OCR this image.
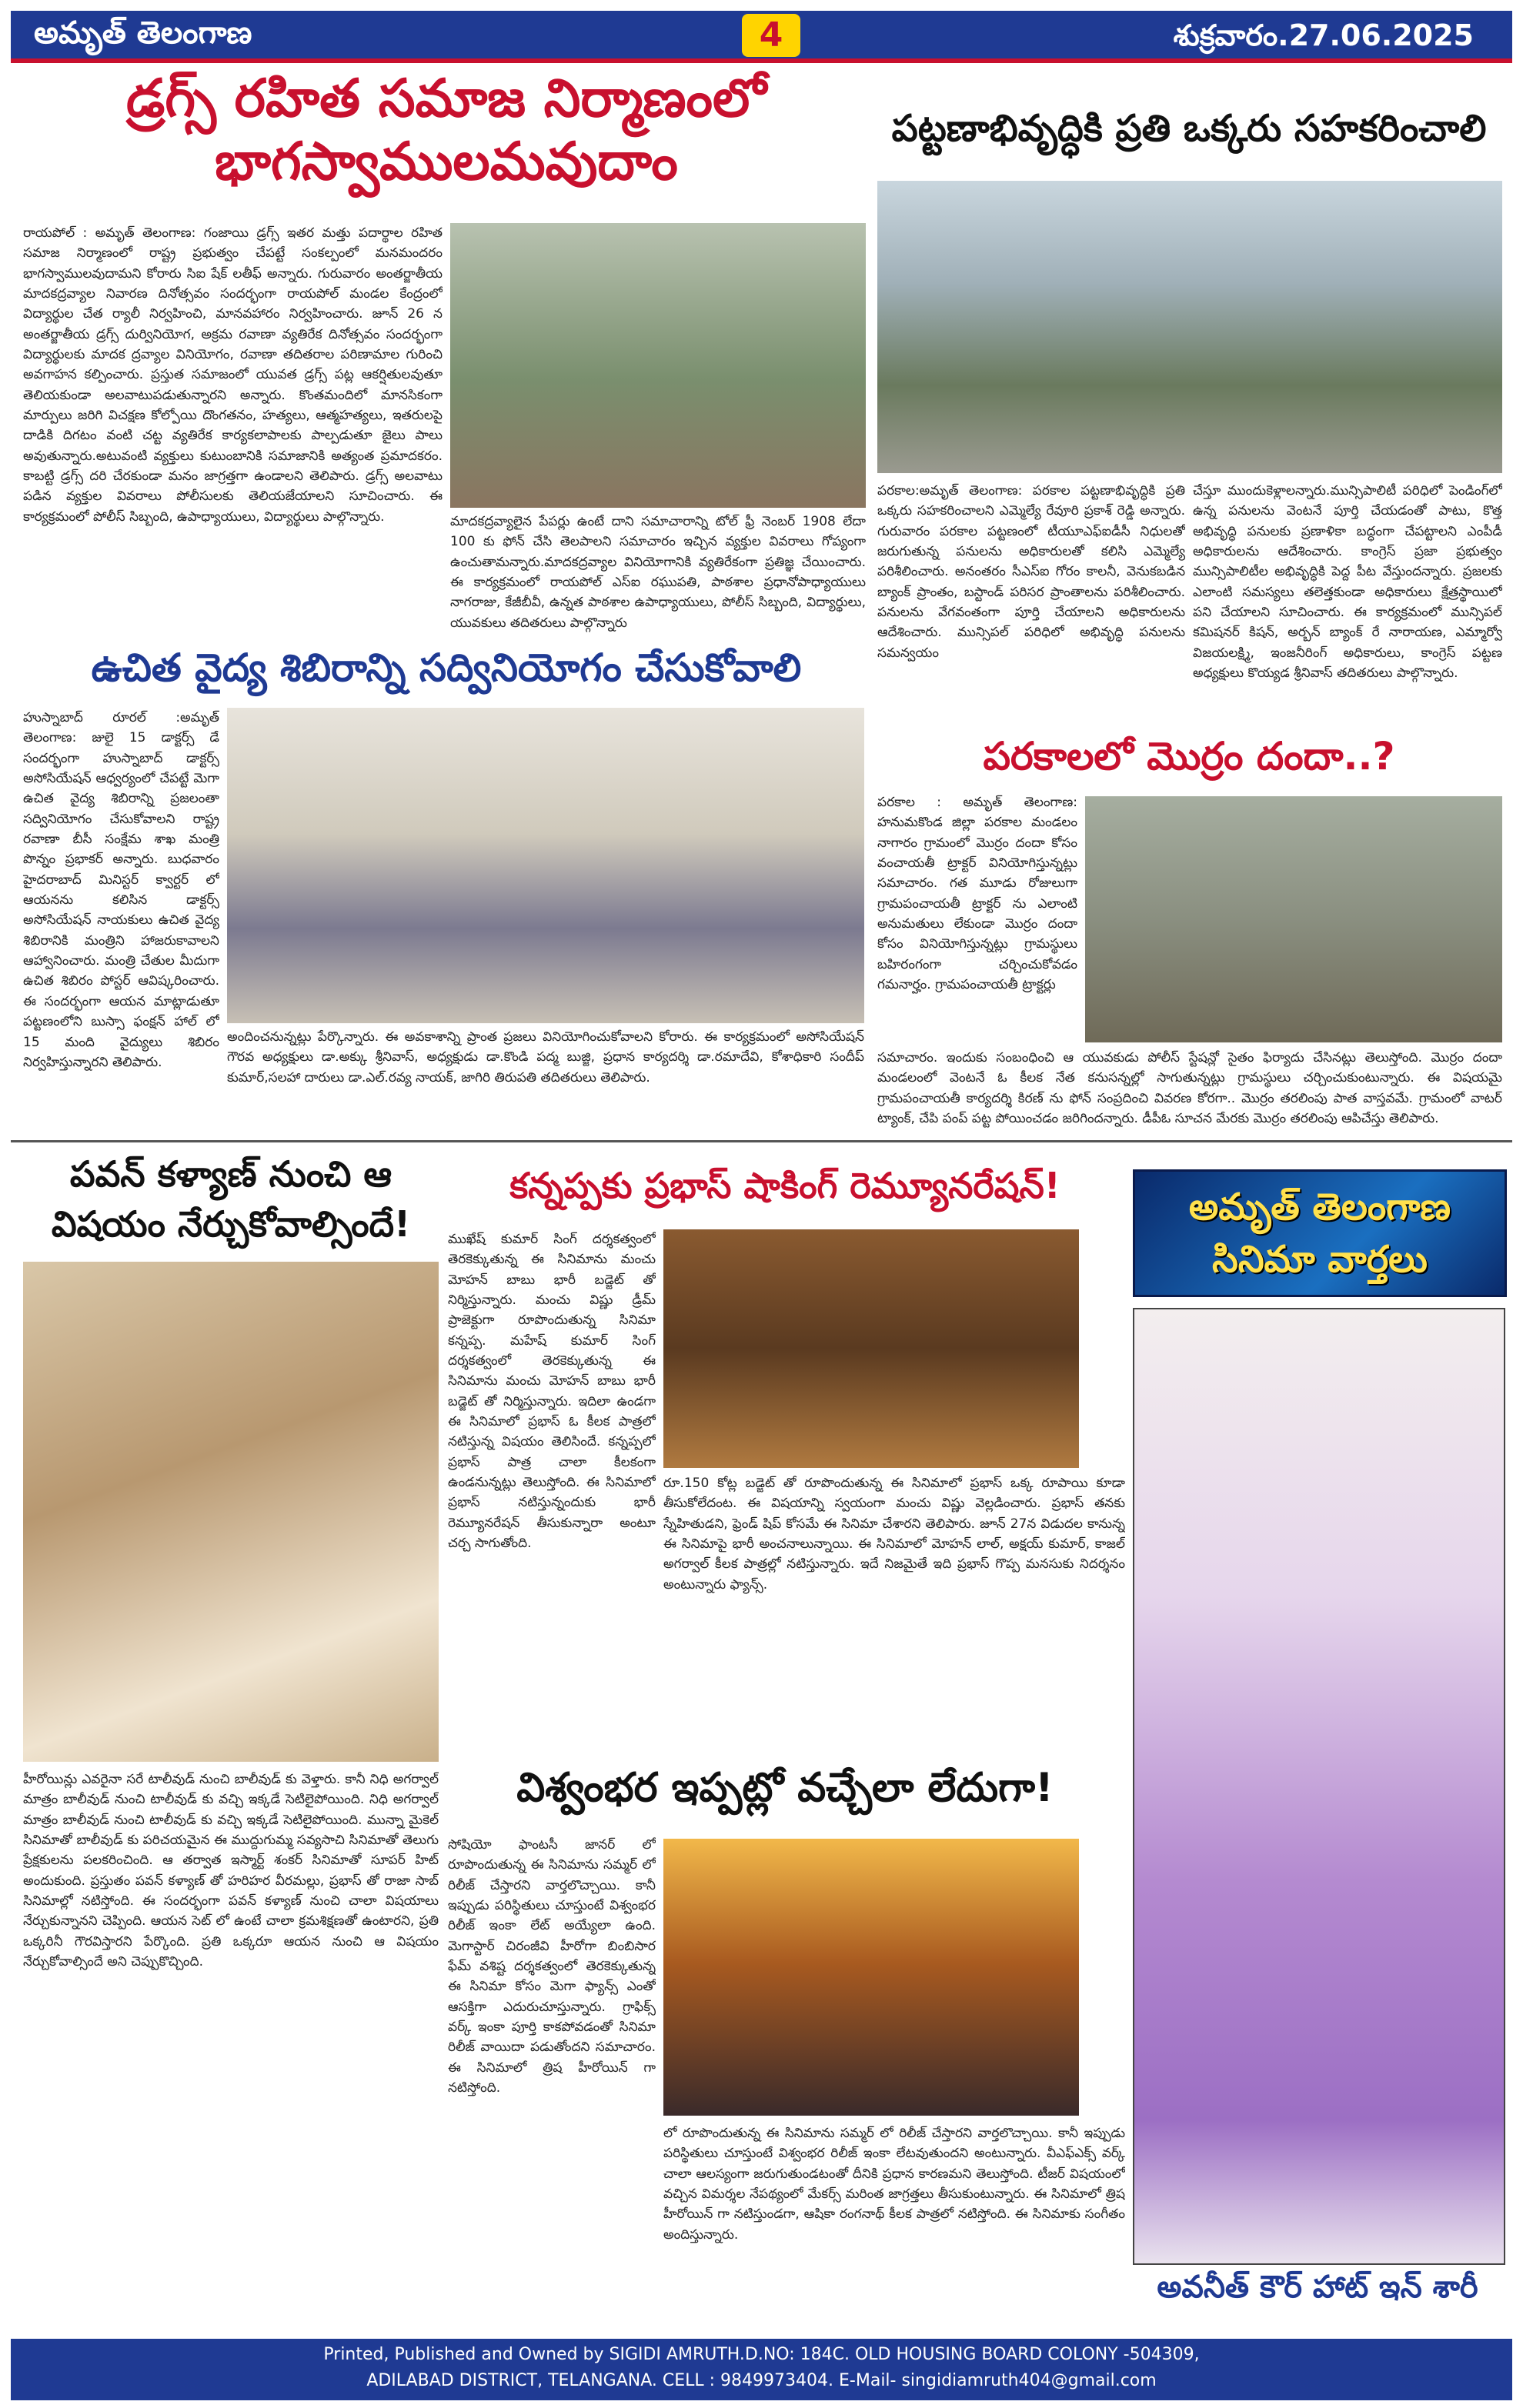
అమృత్ తెలంగాణ	4	శుక్రవారం.27.06.2025
డ్రగ్స్ రహిత సమాజ నిర్మాణంలో
భాగస్వాములమవుదాం
రాయపోల్ : అమృత్ తెలంగాణ: గంజాయి డ్రగ్స్ ఇతర మత్తు పదార్థాల రహిత సమాజ నిర్మాణంలో రాష్ట్ర ప్రభుత్వం చేపట్టే సంకల్పంలో మనమందరం భాగస్వాములవుదామని కోరారు సిఐ షేక్ లతీఫ్ అన్నారు. గురువారం అంతర్జాతీయ మాదకద్రవ్యాల నివారణ దినోత్సవం సందర్భంగా రాయపోల్ మండల కేంద్రంలో విద్యార్థుల చేత ర్యాలీ నిర్వహించి, మానవహారం నిర్వహించారు. జూన్ 26 న అంతర్జాతీయ డ్రగ్స్ దుర్వినియోగ, అక్రమ రవాణా వ్యతిరేక దినోత్సవం సందర్భంగా విద్యార్థులకు మాదక ద్రవ్యాల వినియోగం, రవాణా తదితరాల పరిణామాల గురించి అవగాహన కల్పించారు. ప్రస్తుత సమాజంలో యువత డ్రగ్స్ పట్ల ఆకర్షితులవుతూ తెలియకుండా అలవాటుపడుతున్నారని అన్నారు. కొంతమందిలో మానసికంగా మార్పులు జరిగి విచక్షణ కోల్పోయి దొంగతనం, హత్యలు, ఆత్మహత్యలు, ఇతరులపై దాడికి దిగటం వంటి చట్ట వ్యతిరేక కార్యకలాపాలకు పాల్పడుతూ జైలు పాలు అవుతున్నారు.అటువంటి వ్యక్తులు కుటుంబానికి సమాజానికి అత్యంత ప్రమాదకరం. కాబట్టి డ్రగ్స్ దరి చేరకుండా మనం జాగ్రత్తగా ఉండాలని తెలిపారు. డ్రగ్స్ అలవాటు పడిన వ్యక్తుల వివరాలు పోలీసులకు తెలియజేయాలని సూచించారు. ఈ కార్యక్రమంలో పోలీస్ సిబ్బంది, ఉపాధ్యాయులు, విద్యార్థులు పాల్గొన్నారు.	మాదకద్రవ్యాలైన పేపర్లు ఉంటే దాని సమాచారాన్ని టోల్ ఫ్రీ నెంబర్ 1908 లేదా 100 కు ఫోన్ చేసి తెలపాలని సమాచారం ఇచ్చిన వ్యక్తుల వివరాలు గోప్యంగా ఉంచుతామన్నారు.మాదకద్రవ్యాల వినియోగానికి వ్యతిరేకంగా ప్రతిజ్ఞ చేయించారు. ఈ కార్యక్రమంలో రాయపోల్ ఎస్ఐ రఘుపతి, పాఠశాల ప్రధానోపాధ్యాయులు నాగరాజు, కేజీబీవీ, ఉన్నత పాఠశాల ఉపాధ్యాయులు, పోలీస్ సిబ్బంది, విద్యార్థులు, యువకులు తదితరులు పాల్గొన్నారు
పట్టణాభివృద్ధికి ప్రతి ఒక్కరు సహకరించాలి
పరకాల:అమృత్ తెలంగాణ: పరకాల పట్టణాభివృద్ధికి ప్రతి ఒక్కరు సహకరించాలని ఎమ్మెల్యే రేవూరి ప్రకాశ్ రెడ్డి అన్నారు. గురువారం పరకాల పట్టణంలో టీయూఎఫ్ఐడీసీ నిధులతో జరుగుతున్న పనులను అధికారులతో కలిసి ఎమ్మెల్యే పరిశీలించారు. అనంతరం సీఎస్ఐ గోరం కాలనీ, వెనుకబడిన బ్యాంక్ ప్రాంతం, బస్టాండ్ పరిసర ప్రాంతాలను పరిశీలించారు. పనులను వేగవంతంగా పూర్తి చేయాలని అధికారులను ఆదేశించారు. మున్సిపల్ పరిధిలో అభివృద్ధి పనులను సమన్వయం
చేస్తూ ముందుకెళ్లాలన్నారు.మున్సిపాలిటీ పరిధిలో పెండింగ్‌లో ఉన్న పనులను వెంటనే పూర్తి చేయడంతో పాటు, కొత్త అభివృద్ధి పనులకు ప్రణాళికా బద్ధంగా చేపట్టాలని ఎంపీడీ అధికారులను ఆదేశించారు. కాంగ్రెస్ ప్రజా ప్రభుత్వం మున్సిపాలిటీల అభివృద్ధికి పెద్ద పీట వేస్తుందన్నారు. ప్రజలకు ఎలాంటి సమస్యలు తలెత్తకుండా అధికారులు క్షేత్రస్థాయిలో పని చేయాలని సూచించారు. ఈ కార్యక్రమంలో మున్సిపల్ కమిషనర్ కిషన్, అర్బన్ బ్యాంక్ రే నారాయణ, ఎమ్మార్వో విజయలక్ష్మి, ఇంజనీరింగ్ అధికారులు, కాంగ్రెస్ పట్టణ అధ్యక్షులు కొయ్యడ శ్రీనివాస్ తదితరులు పాల్గొన్నారు.
ఉచిత వైద్య శిబిరాన్ని సద్వినియోగం చేసుకోవాలి
హుస్నాబాద్ రూరల్ :అమృత్ తెలంగాణ: జులై 15 డాక్టర్స్ డే సందర్భంగా హుస్నాబాద్ డాక్టర్స్ అసోసియేషన్ ఆధ్వర్యంలో చేపట్టే మెగా ఉచిత వైద్య శిబిరాన్ని ప్రజలంతా సద్వినియోగం చేసుకోవాలని రాష్ట్ర రవాణా బీసీ సంక్షేమ శాఖ మంత్రి పొన్నం ప్రభాకర్ అన్నారు. బుధవారం హైదరాబాద్ మినిస్టర్ క్వార్టర్ లో ఆయనను కలిసిన డాక్టర్స్ అసోసియేషన్ నాయకులు ఉచిత వైద్య శిబిరానికి మంత్రిని హాజరుకావాలని ఆహ్వానించారు. మంత్రి చేతుల మీదుగా ఉచిత శిబిరం పోస్టర్ ఆవిష్కరించారు. ఈ సందర్భంగా ఆయన మాట్లాడుతూ పట్టణంలోని బుస్సా ఫంక్షన్ హాల్ లో 15 మంది వైద్యులు శిబిరం నిర్వహిస్తున్నారని తెలిపారు.
అందించనున్నట్లు పేర్కొన్నారు. ఈ అవకాశాన్ని ప్రాంత ప్రజలు వినియోగించుకోవాలని కోరారు. ఈ కార్యక్రమంలో అసోసియేషన్ గౌరవ అధ్యక్షులు డా.అక్కు శ్రీనివాస్, అధ్యక్షుడు డా.కొండి పద్మ బుజ్జి, ప్రధాన కార్యదర్శి డా.రమాదేవి, కోశాధికారి సందీప్ కుమార్,సలహా దారులు డా.ఎల్.రవ్య నాయక్, జాగిరి తిరుపతి తదితరులు తెలిపారు.
పరకాలలో మొర్రం దందా..?
పరకాల : అమృత్ తెలంగాణ: హనుమకొండ జిల్లా పరకాల మండలం నాగారం గ్రామంలో మొర్రం దందా కోసం వంచాయతీ ట్రాక్టర్ వినియోగిస్తున్నట్లు సమాచారం. గత మూడు రోజులుగా గ్రామపంచాయతీ ట్రాక్టర్ ను ఎలాంటి అనుమతులు లేకుండా మొర్రం దందా కోసం వినియోగిస్తున్నట్లు గ్రామస్థులు బహిరంగంగా చర్చించుకోవడం గమనార్హం. గ్రామపంచాయతీ ట్రాక్టర్లు
సమాచారం. ఇందుకు సంబంధించి ఆ యువకుడు పోలీస్ స్టేషన్లో సైతం ఫిర్యాదు చేసినట్లు తెలుస్తోంది. మొర్రం దందా మండలంలో వెంటనే ఓ కీలక నేత కనుసన్నల్లో సాగుతున్నట్లు గ్రామస్థులు చర్చించుకుంటున్నారు. ఈ విషయమై గ్రామపంచాయతీ కార్యదర్శి కిరణ్ ను ఫోన్ సంప్రదించి వివరణ కోరగా.. మొర్రం తరలింపు పాత వాస్తవమే. గ్రామంలో వాటర్ ట్యాంక్, చేపి పంప్ పట్ట పోయించడం జరిగిందన్నారు. డీపీఓ సూచన మేరకు మొర్రం తరలింపు ఆపిచేస్తు తెలిపారు.
పవన్ కళ్యాణ్ నుంచి ఆ
విషయం నేర్చుకోవాల్సిందే!
హీరోయిన్లు ఎవరైనా సరే టాలీవుడ్ నుంచి బాలీవుడ్ కు వెళ్తారు. కానీ నిధి అగర్వాల్ మాత్రం బాలీవుడ్ నుంచి టాలీవుడ్ కు వచ్చి ఇక్కడే సెటిలైపోయింది. నిధి అగర్వాల్ మాత్రం బాలీవుడ్ నుంచి టాలీవుడ్ కు వచ్చి ఇక్కడే సెటిలైపోయింది. మున్నా మైకెల్ సినిమాతో బాలీవుడ్ కు పరిచయమైన ఈ ముద్దుగుమ్మ సవ్యసాచి సినిమాతో తెలుగు ప్రేక్షకులను పలకరించింది. ఆ తర్వాత ఇస్మార్ట్ శంకర్ సినిమాతో సూపర్ హిట్ అందుకుంది. ప్రస్తుతం పవన్ కళ్యాణ్ తో హరిహర వీరమల్లు, ప్రభాస్ తో రాజా సాబ్ సినిమాల్లో నటిస్తోంది. ఈ సందర్భంగా పవన్ కళ్యాణ్ నుంచి చాలా విషయాలు నేర్చుకున్నానని చెప్పింది. ఆయన సెట్ లో ఉంటే చాలా క్రమశిక్షణతో ఉంటారని, ప్రతి ఒక్కరినీ గౌరవిస్తారని పేర్కొంది. ప్రతి ఒక్కరూ ఆయన నుంచి ఆ విషయం నేర్చుకోవాల్సిందే అని చెప్పుకొచ్చింది.
కన్నప్పకు ప్రభాస్ షాకింగ్ రెమ్యూనరేషన్!
ముఖేష్ కుమార్ సింగ్ దర్శకత్వంలో తెరకెక్కుతున్న ఈ సినిమాను మంచు మోహన్ బాబు భారీ బడ్జెట్ తో నిర్మిస్తున్నారు. మంచు విష్ణు డ్రీమ్ ప్రాజెక్టుగా రూపొందుతున్న సినిమా కన్నప్ప. మహేష్ కుమార్ సింగ్ దర్శకత్వంలో తెరకెక్కుతున్న ఈ సినిమాను మంచు మోహన్ బాబు భారీ బడ్జెట్ తో నిర్మిస్తున్నారు. ఇదిలా ఉండగా ఈ సినిమాలో ప్రభాస్ ఓ కీలక పాత్రలో నటిస్తున్న విషయం తెలిసిందే. కన్నప్పలో ప్రభాస్ పాత్ర చాలా కీలకంగా ఉండనున్నట్లు తెలుస్తోంది. ఈ సినిమాలో ప్రభాస్ నటిస్తున్నందుకు భారీ రెమ్యూనరేషన్ తీసుకున్నారా అంటూ చర్చ సాగుతోంది.
రూ.150 కోట్ల బడ్జెట్ తో రూపొందుతున్న ఈ సినిమాలో ప్రభాస్ ఒక్క రూపాయి కూడా తీసుకోలేదంట. ఈ విషయాన్ని స్వయంగా మంచు విష్ణు వెల్లడించారు. ప్రభాస్ తనకు స్నేహితుడని, ఫ్రెండ్ షిప్ కోసమే ఈ సినిమా చేశారని తెలిపారు. జూన్ 27న విడుదల కానున్న ఈ సినిమాపై భారీ అంచనాలున్నాయి. ఈ సినిమాలో మోహన్ లాల్, అక్షయ్ కుమార్, కాజల్ అగర్వాల్ కీలక పాత్రల్లో నటిస్తున్నారు. ఇదే నిజమైతే ఇది ప్రభాస్ గొప్ప మనసుకు నిదర్శనం అంటున్నారు ఫ్యాన్స్.
విశ్వంభర ఇప్పట్లో వచ్చేలా లేదుగా!
సోషియో ఫాంటసీ జానర్ లో రూపొందుతున్న ఈ సినిమాను సమ్మర్ లో రిలీజ్ చేస్తారని వార్తలొచ్చాయి. కానీ ఇప్పుడు పరిస్థితులు చూస్తుంటే విశ్వంభర రిలీజ్ ఇంకా లేట్ అయ్యేలా ఉంది. మెగాస్టార్ చిరంజీవి హీరోగా బింబిసార ఫేమ్ వశిష్ట దర్శకత్వంలో తెరకెక్కుతున్న ఈ సినిమా కోసం మెగా ఫ్యాన్స్ ఎంతో ఆసక్తిగా ఎదురుచూస్తున్నారు. గ్రాఫిక్స్ వర్క్ ఇంకా పూర్తి కాకపోవడంతో సినిమా రిలీజ్ వాయిదా పడుతోందని సమాచారం. ఈ సినిమాలో త్రిష హీరోయిన్ గా నటిస్తోంది.
లో రూపొందుతున్న ఈ సినిమాను సమ్మర్ లో రిలీజ్ చేస్తారని వార్తలొచ్చాయి. కానీ ఇప్పుడు పరిస్థితులు చూస్తుంటే విశ్వంభర రిలీజ్ ఇంకా లేటవుతుందని అంటున్నారు. వీఎఫ్ఎక్స్ వర్క్ చాలా ఆలస్యంగా జరుగుతుండటంతో దీనికి ప్రధాన కారణమని తెలుస్తోంది. టీజర్ విషయంలో వచ్చిన విమర్శల నేపథ్యంలో మేకర్స్ మరింత జాగ్రత్తలు తీసుకుంటున్నారు. ఈ సినిమాలో త్రిష హీరోయిన్ గా నటిస్తుండగా, ఆషికా రంగనాథ్ కీలక పాత్రలో నటిస్తోంది. ఈ సినిమాకు సంగీతం అందిస్తున్నారు.
అమృత్ తెలంగాణ
సినిమా వార్తలు
అవనీత్ కౌర్ హాట్ ఇన్ శారీ
Printed, Published and Owned by SIGIDI AMRUTH.D.NO: 184C. OLD HOUSING BOARD COLONY -504309,
ADILABAD DISTRICT, TELANGANA. CELL : 9849973404. E-Mail- singidiamruth404@gmail.com
